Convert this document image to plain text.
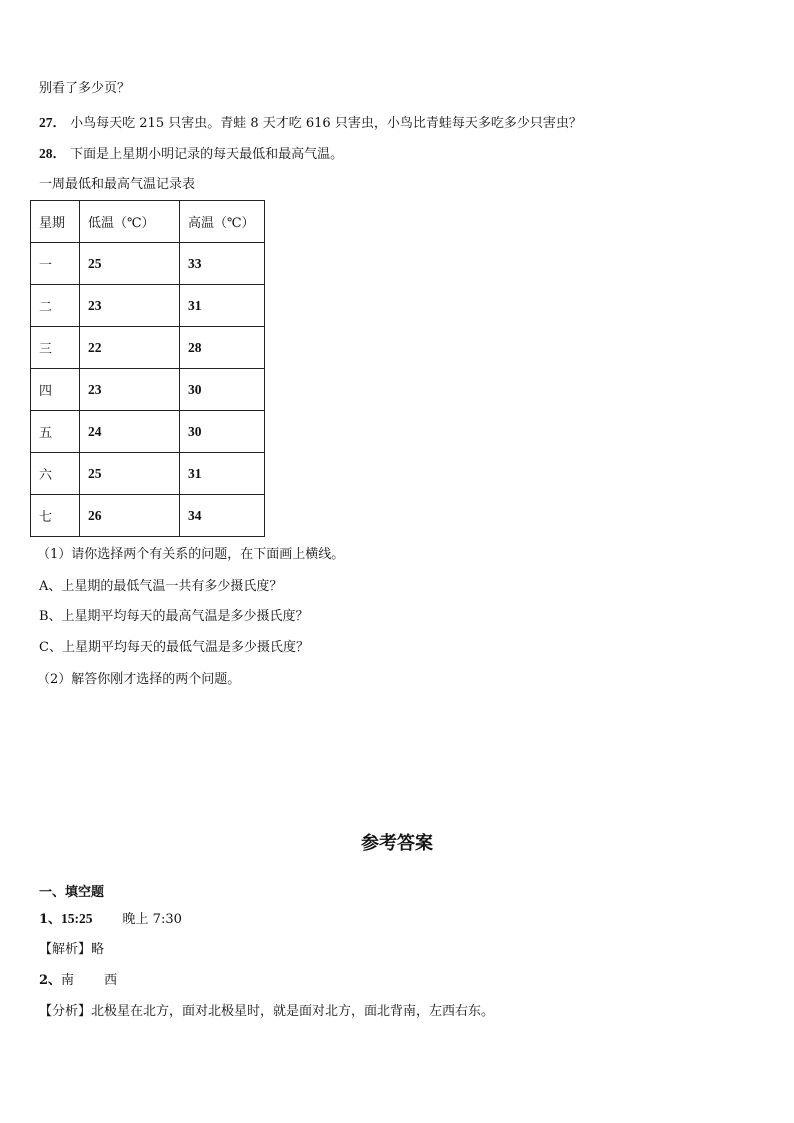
别看了多少页？
27． 小鸟每天吃 215 只害虫。青蛙 8 天才吃 616 只害虫，小鸟比青蛙每天多吃多少只害虫？
28． 下面是上星期小明记录的每天最低和最高气温。
一周最低和最高气温记录表
星期	低温（℃）	高温（℃）
一	25	33
二	23	31
三	22	28
四	23	30
五	24	30
六	25	31
七	26	34
（1）请你选择两个有关系的问题，在下面画上横线。
A、上星期的最低气温一共有多少摄氏度？
B、上星期平均每天的最高气温是多少摄氏度？
C、上星期平均每天的最低气温是多少摄氏度？
（2）解答你刚才选择的两个问题。
参考答案
一、填空题
1、15:25 晚上 7:30
【解析】略
2、南 西
【分析】北极星在北方，面对北极星时，就是面对北方，面北背南，左西右东。
